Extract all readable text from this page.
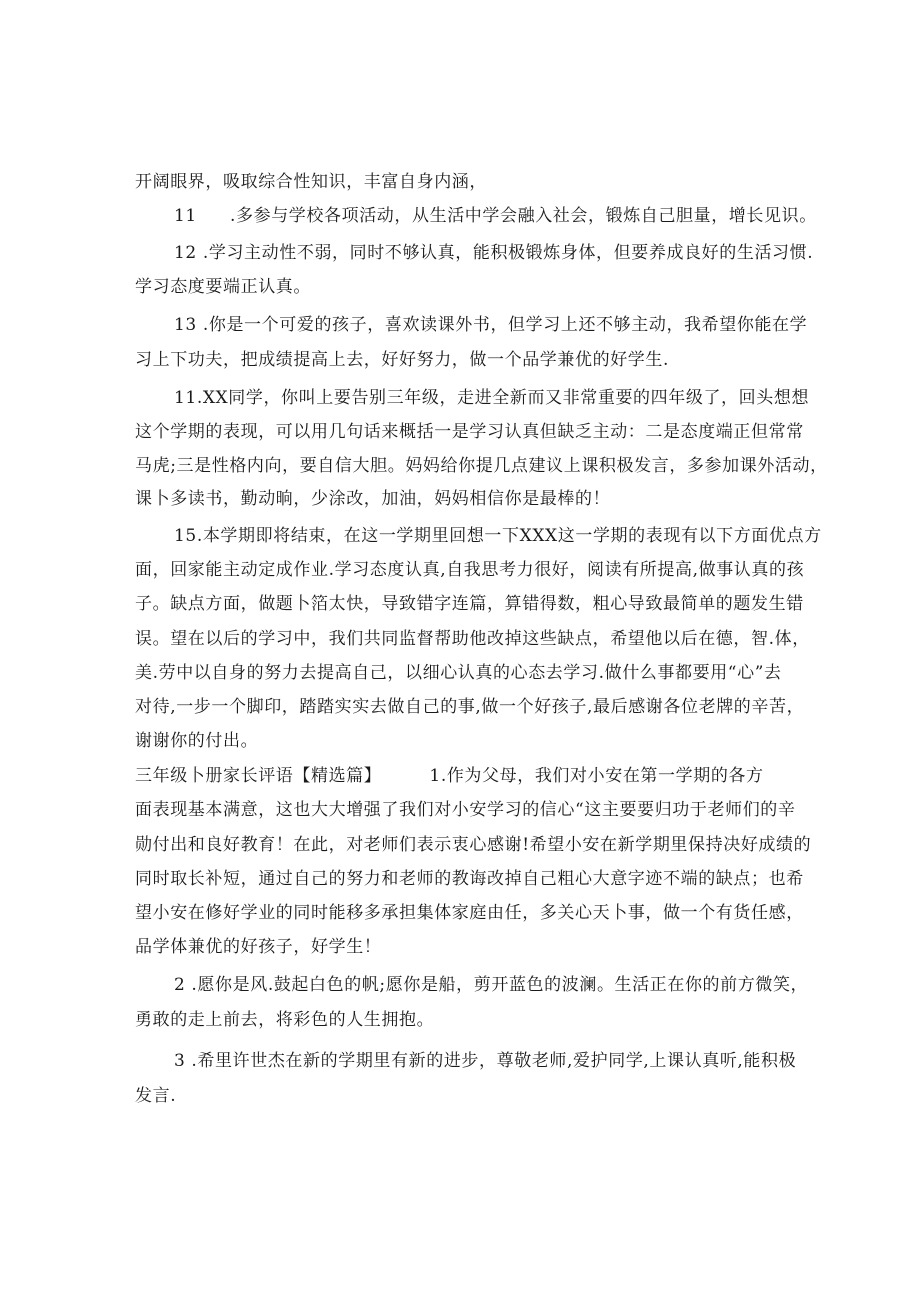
开阔眼界，吸取综合性知识，丰富自身内涵，
11 .多参与学校各项活动，从生活中学会融入社会，锻炼自己胆量，增长见识。
12 .学习主动性不弱，同时不够认真，能积极锻炼身体，但要养成良好的生活习惯.
学习态度要端正认真。
13 .你是一个可爱的孩子，喜欢读课外书，但学习上还不够主动，我希望你能在学
习上下功夫，把成绩提高上去，好好努力，做一个品学兼优的好学生.
11.XX同学，你叫上要告别三年级，走进全新而又非常重要的四年级了，回头想想
这个学期的表现，可以用几句话来概括一是学习认真但缺乏主动：二是态度端正但常常
马虎;三是性格内向，要自信大胆。妈妈给你提几点建议上课积极发言，多参加课外活动，
课卜多读书，勤动晌，少涂改，加油，妈妈相信你是最棒的！
15.本学期即将结束，在这一学期里回想一下XXX这一学期的表现有以下方面优点方
面，回家能主动定成作业.学习态度认真,自我思考力很好，阅读有所提高,做事认真的孩
子。缺点方面，做题卜箔太快，导致错字连篇，算错得数，粗心导致最简单的题发生错
误。望在以后的学习中，我们共同监督帮助他改掉这些缺点，希望他以后在德，智.体，
美.劳中以自身的努力去提高自己，以细心认真的心态去学习.做什么事都要用“心”去
对待,一步一个脚印，踏踏实实去做自己的事,做一个好孩子,最后感谢各位老牌的辛苦，
谢谢你的付出。
三年级卜册家长评语【精选篇】	1.作为父母，我们对小安在第一学期的各方
面表现基本满意，这也大大增强了我们对小安学习的信心“这主要要归功于老师们的辛
勋付出和良好教育！在此，对老师们表示衷心感谢!希望小安在新学期里保持决好成绩的
同时取长补短，通过自己的努力和老师的教诲改掉自己粗心大意字迹不端的缺点；也希
望小安在修好学业的同时能移多承担集体家庭由任，多关心天卜事，做一个有货任感，
品学体兼优的好孩子，好学生！
2 .愿你是风.鼓起白色的帆;愿你是船，剪开蓝色的波澜。生活正在你的前方微笑，
勇敢的走上前去，将彩色的人生拥抱。
3 .希里许世杰在新的学期里有新的进步，尊敬老师,爱护同学,上课认真听,能积极
发言.
